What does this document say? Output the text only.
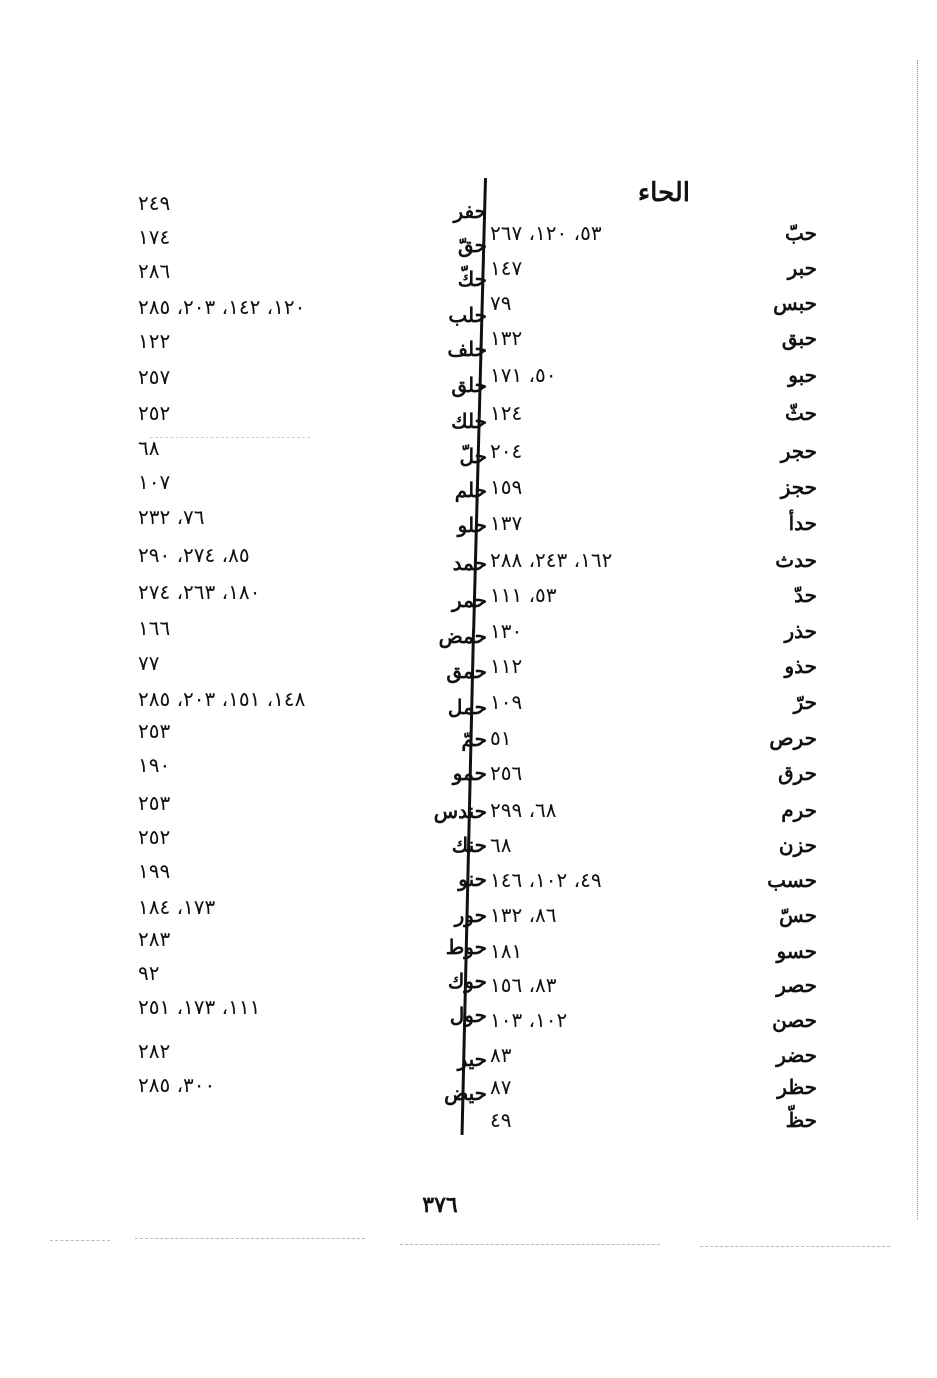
الحاء
حبّ
٥٣، ١٢٠، ٢٦٧
حبر
١٤٧
حبس
٧٩
حبق
١٣٢
حبو
٥٠، ١٧١
حثّ
١٢٤
حجر
٢٠٤
حجز
١٥٩
حدأ
١٣٧
حدث
١٦٢، ٢٤٣، ٢٨٨
حدّ
٥٣، ١١١
حذر
١٣٠
حذو
١١٢
حرّ
١٠٩
حرص
٥١
حرق
٢٥٦
حرم
٦٨، ٢٩٩
حزن
٦٨
حسب
٤٩، ١٠٢، ١٤٦
حسّ
٨٦، ١٣٢
حسو
١٨١
حصر
٨٣، ١٥٦
حصن
١٠٢، ١٠٣
حضر
٨٣
حظر
٨٧
حظّ
٤٩
حفر
٢٤٩
حقّ
١٧٤
حكّ
٢٨٦
حلب
١٢٠، ١٤٢، ٢٠٣، ٢٨٥
حلف
١٢٢
حلق
٢٥٧
حلك
٢٥٢
حلّ
٦٨
حلم
١٠٧
حلو
٧٦، ٢٣٢
حمد
٨٥، ٢٧٤، ٢٩٠
حمر
١٨٠، ٢٦٣، ٢٧٤
حمض
١٦٦
حمق
٧٧
حمل
١٤٨، ١٥١، ٢٠٣، ٢٨٥
حمّ
٢٥٣
حمو
١٩٠
حندس
٢٥٣
حنك
٢٥٢
حنو
١٩٩
حور
١٧٣، ١٨٤
حوط
٢٨٣
حوك
٩٢
حول
١١١، ١٧٣، ٢٥١
حير
٢٨٢
حيض
٣٠٠، ٢٨٥
٣٧٦
